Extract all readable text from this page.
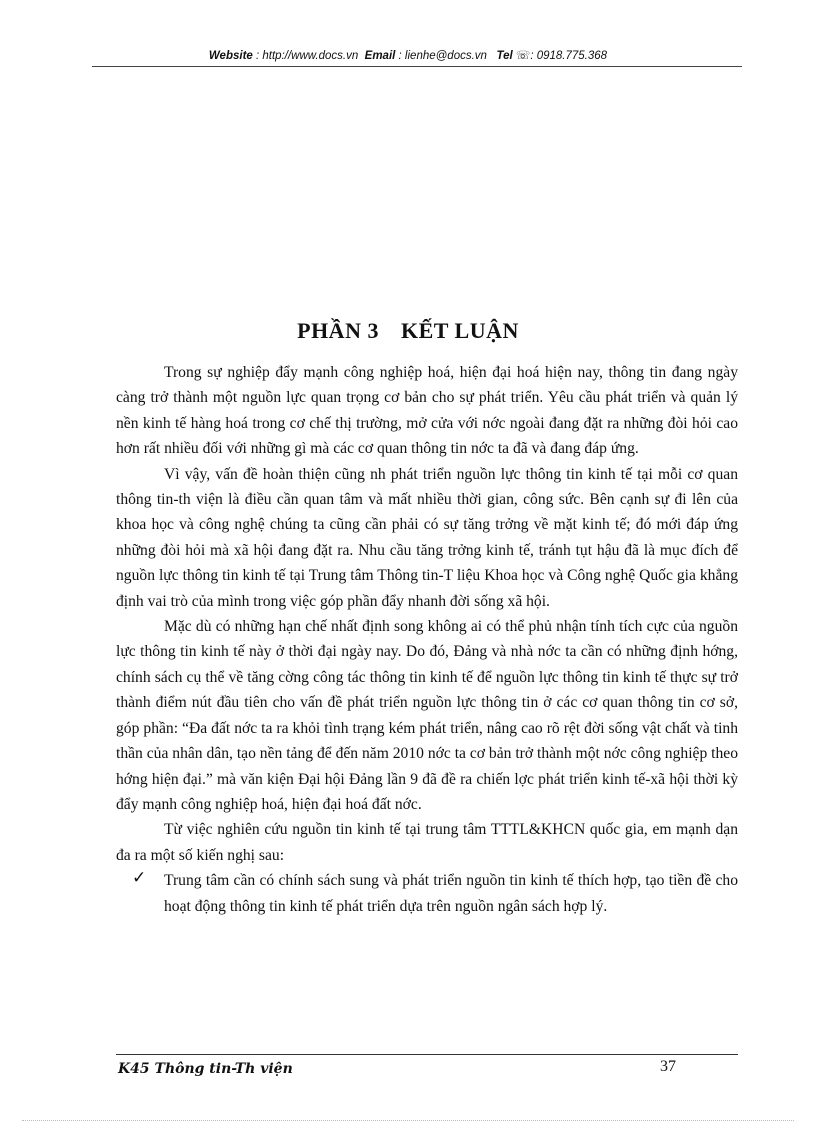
Website : http://www.docs.vn Email : lienhe@docs.vn Tel ☏: 0918.775.368
PHẦN 3 KẾT LUẬN

Trong sự nghiệp đẩy mạnh công nghiệp hoá, hiện đại hoá hiện nay, thông tin đang ngày càng trở thành một nguồn lực quan trọng cơ bản cho sự phát triển. Yêu cầu phát triển và quản lý nền kinh tế hàng hoá trong cơ chế thị trường, mở cửa với nớc ngoài đang đặt ra những đòi hỏi cao hơn rất nhiều đối với những gì mà các cơ quan thông tin nớc ta đã và đang đáp ứng.

Vì vậy, vấn đề hoàn thiện cũng nh phát triển nguồn lực thông tin kinh tế tại mỗi cơ quan thông tin-th viện là điều cần quan tâm và mất nhiều thời gian, công sức. Bên cạnh sự đi lên của khoa học và công nghệ chúng ta cũng cần phải có sự tăng trởng về mặt kinh tế; đó mới đáp ứng những đòi hỏi mà xã hội đang đặt ra. Nhu cầu tăng trởng kinh tế, tránh tụt hậu đã là mục đích để nguồn lực thông tin kinh tế tại Trung tâm Thông tin-T liệu Khoa học và Công nghệ Quốc gia khẳng định vai trò của mình trong việc góp phần đẩy nhanh đời sống xã hội.

Mặc dù có những hạn chế nhất định song không ai có thể phủ nhận tính tích cực của nguồn lực thông tin kinh tế này ở thời đại ngày nay. Do đó, Đảng và nhà nớc ta cần có những định hớng, chính sách cụ thể về tăng cờng công tác thông tin kinh tế để nguồn lực thông tin kinh tế thực sự trở thành điểm nút đầu tiên cho vấn đề phát triển nguồn lực thông tin ở các cơ quan thông tin cơ sở, góp phần: “Đa đất nớc ta ra khỏi tình trạng kém phát triển, nâng cao rõ rệt đời sống vật chất và tinh thần của nhân dân, tạo nền tảng để đến năm 2010 nớc ta cơ bản trở thành một nớc công nghiệp theo hớng hiện đại.” mà văn kiện Đại hội Đảng lần 9 đã đề ra chiến lợc phát triển kinh tế-xã hội thời kỳ đẩy mạnh công nghiệp hoá, hiện đại hoá đất nớc.

Từ việc nghiên cứu nguồn tin kinh tế tại trung tâm TTTL&KHCN quốc gia, em mạnh dạn đa ra một số kiến nghị sau:

✓ Trung tâm cần có chính sách sung và phát triển nguồn tin kinh tế thích hợp, tạo tiền đề cho hoạt động thông tin kinh tế phát triển dựa trên nguồn ngân sách hợp lý.

K45 Thông tin-Th viện	37
